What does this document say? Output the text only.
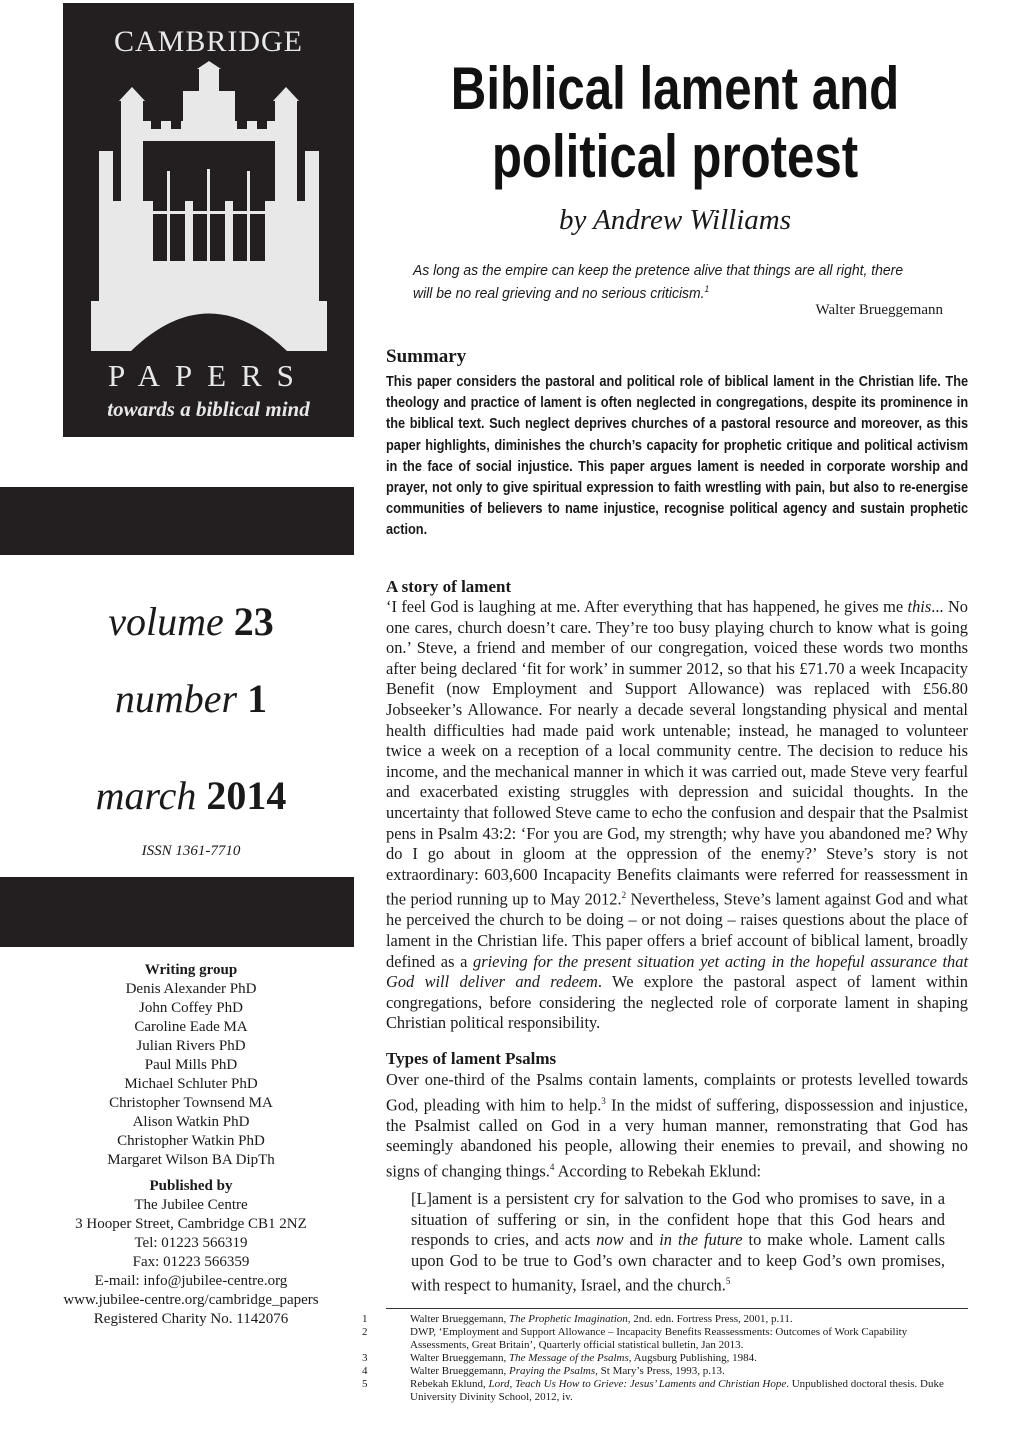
CAMBRIDGE
PAPERS
towards a biblical mind
Biblical lament and political protest
by Andrew Williams
As long as the empire can keep the pretence alive that things are all right, there will be no real grieving and no serious criticism.$^1$
Walter Brueggemann
Summary
This paper considers the pastoral and political role of biblical lament in the Christian life. The theology and practice of lament is often neglected in congregations, despite its prominence in the biblical text. Such neglect deprives churches of a pastoral resource and moreover, as this paper highlights, diminishes the church’s capacity for prophetic critique and political activism in the face of social injustice. This paper argues lament is needed in corporate worship and prayer, not only to give spiritual expression to faith wrestling with pain, but also to re-energise communities of believers to name injustice, recognise political agency and sustain prophetic action.
volume 23
number 1
march 2014
ISSN 1361-7710
Writing group
Denis Alexander PhD
John Coffey PhD
Caroline Eade MA
Julian Rivers PhD
Paul Mills PhD
Michael Schluter PhD
Christopher Townsend MA
Alison Watkin PhD
Christopher Watkin PhD
Margaret Wilson BA DipTh
Published by
The Jubilee Centre
3 Hooper Street, Cambridge CB1 2NZ
Tel: 01223 566319
Fax: 01223 566359
E-mail: info@jubilee-centre.org
www.jubilee-centre.org/cambridge_papers
Registered Charity No. 1142076
A story of lament
‘I feel God is laughing at me. After everything that has happened, he gives me this... No one cares, church doesn’t care. They’re too busy playing church to know what is going on.’ Steve, a friend and member of our congregation, voiced these words two months after being declared ‘fit for work’ in summer 2012, so that his £71.70 a week Incapacity Benefit (now Employment and Support Allowance) was replaced with £56.80 Jobseeker’s Allowance. For nearly a decade several longstanding physical and mental health difficulties had made paid work untenable; instead, he managed to volunteer twice a week on a reception of a local community centre. The decision to reduce his income, and the mechanical manner in which it was carried out, made Steve very fearful and exacerbated existing struggles with depression and suicidal thoughts. In the uncertainty that followed Steve came to echo the confusion and despair that the Psalmist pens in Psalm 43:2: ‘For you are God, my strength; why have you abandoned me? Why do I go about in gloom at the oppression of the enemy?’ Steve’s story is not extraordinary: 603,600 Incapacity Benefits claimants were referred for reassessment in the period running up to May 2012.$^2$ Nevertheless, Steve’s lament against God and what he perceived the church to be doing – or not doing – raises questions about the place of lament in the Christian life. This paper offers a brief account of biblical lament, broadly defined as a grieving for the present situation yet acting in the hopeful assurance that God will deliver and redeem. We explore the pastoral aspect of lament within congregations, before considering the neglected role of corporate lament in shaping Christian political responsibility.
Types of lament Psalms
Over one-third of the Psalms contain laments, complaints or protests levelled towards God, pleading with him to help.$^3$ In the midst of suffering, dispossession and injustice, the Psalmist called on God in a very human manner, remonstrating that God has seemingly abandoned his people, allowing their enemies to prevail, and showing no signs of changing things.$^4$ According to Rebekah Eklund:
[L]ament is a persistent cry for salvation to the God who promises to save, in a situation of suffering or sin, in the confident hope that this God hears and responds to cries, and acts now and in the future to make whole. Lament calls upon God to be true to God’s own character and to keep God’s own promises, with respect to humanity, Israel, and the church.$^5$
1	Walter Brueggemann, The Prophetic Imagination, 2nd. edn. Fortress Press, 2001, p.11.
2	DWP, ‘Employment and Support Allowance – Incapacity Benefits Reassessments: Outcomes of Work Capability Assessments, Great Britain’, Quarterly official statistical bulletin, Jan 2013.
3	Walter Brueggemann, The Message of the Psalms, Augsburg Publishing, 1984.
4	Walter Brueggemann, Praying the Psalms, St Mary’s Press, 1993, p.13.
5	Rebekah Eklund, Lord, Teach Us How to Grieve: Jesus’ Laments and Christian Hope. Unpublished doctoral thesis. Duke University Divinity School, 2012, iv.
